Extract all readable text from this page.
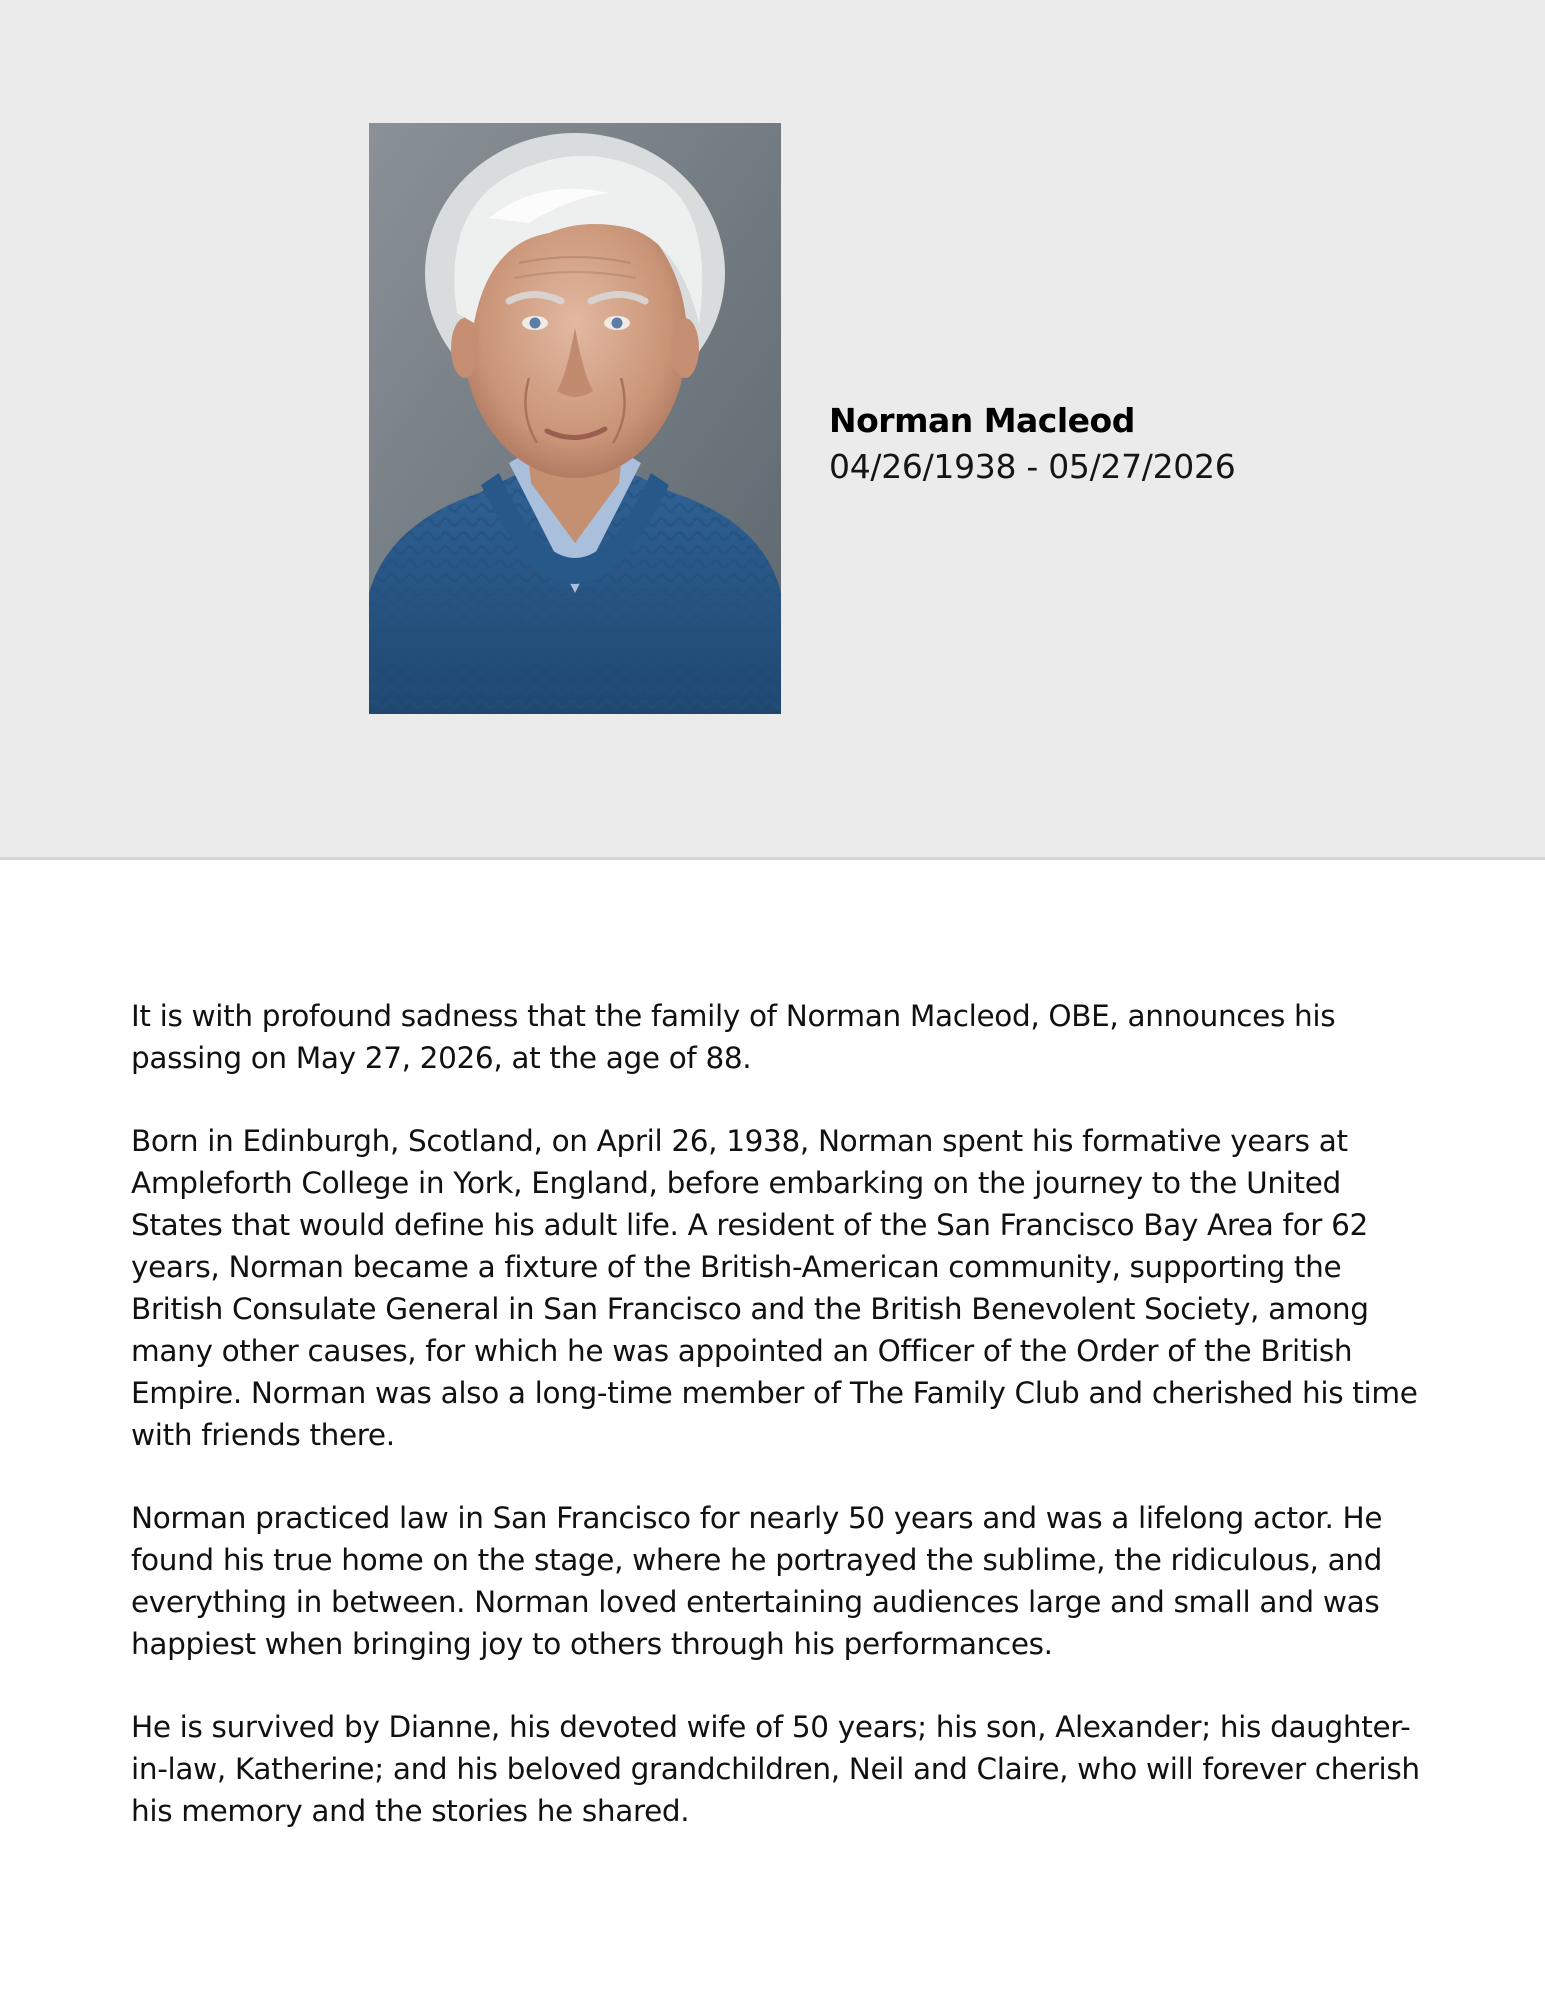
Norman Macleod
04/26/1938 - 05/27/2026

It is with profound sadness that the family of Norman Macleod, OBE, announces his passing on May 27, 2026, at the age of 88.

Born in Edinburgh, Scotland, on April 26, 1938, Norman spent his formative years at Ampleforth College in York, England, before embarking on the journey to the United States that would define his adult life. A resident of the San Francisco Bay Area for 62 years, Norman became a fixture of the British-American community, supporting the British Consulate General in San Francisco and the British Benevolent Society, among many other causes, for which he was appointed an Officer of the Order of the British Empire. Norman was also a long-time member of The Family Club and cherished his time with friends there.

Norman practiced law in San Francisco for nearly 50 years and was a lifelong actor. He found his true home on the stage, where he portrayed the sublime, the ridiculous, and everything in between. Norman loved entertaining audiences large and small and was happiest when bringing joy to others through his performances.

He is survived by Dianne, his devoted wife of 50 years; his son, Alexander; his daughter-in-law, Katherine; and his beloved grandchildren, Neil and Claire, who will forever cherish his memory and the stories he shared.
